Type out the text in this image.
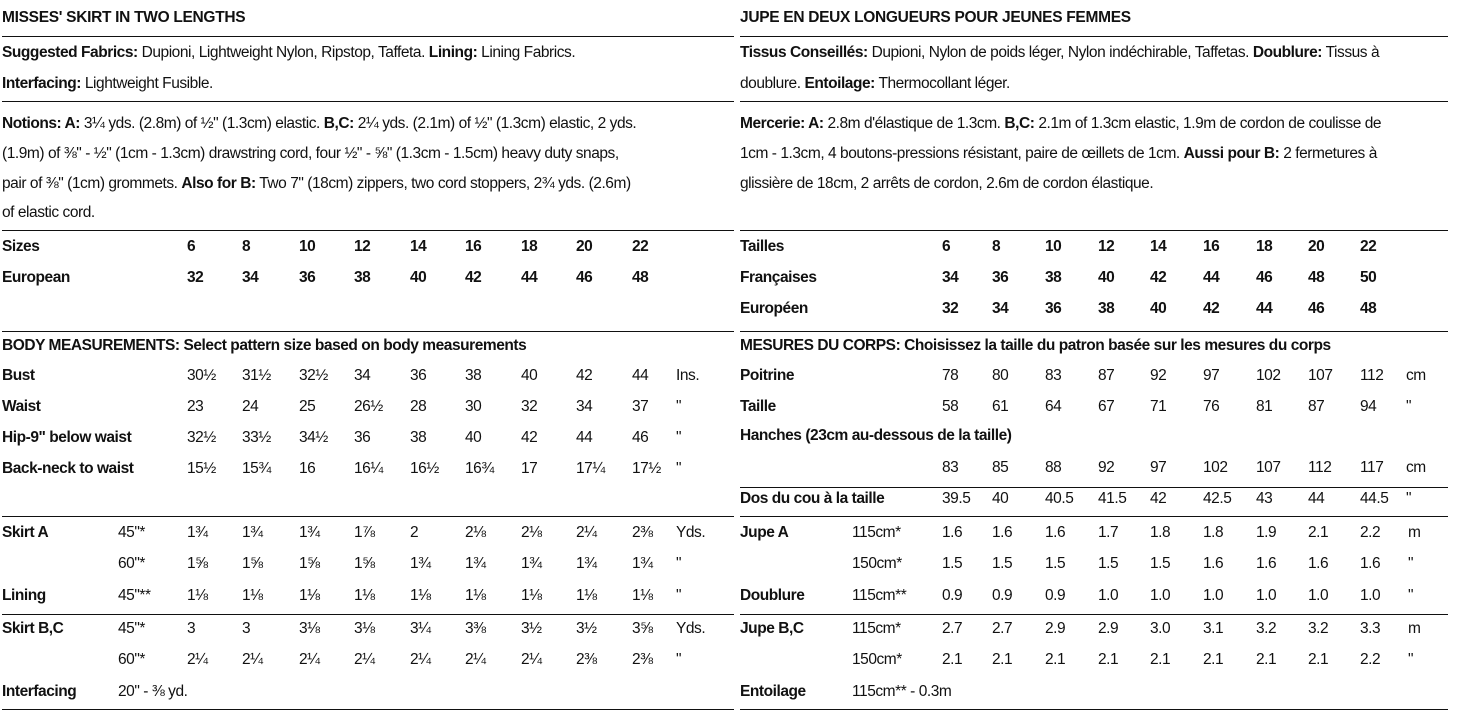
MISSES' SKIRT IN TWO LENGTHS
Suggested Fabrics: Dupioni, Lightweight Nylon, Ripstop, Taffeta. Lining: Lining Fabrics.
Interfacing: Lightweight Fusible.
Notions: A: 3¼ yds. (2.8m) of ½" (1.3cm) elastic. B,C: 2¼ yds. (2.1m) of ½" (1.3cm) elastic, 2 yds.
(1.9m) of ⅜" - ½" (1cm - 1.3cm) drawstring cord, four ½" - ⅝" (1.3cm - 1.5cm) heavy duty snaps,
pair of ⅜" (1cm) grommets. Also for B: Two 7" (18cm) zippers, two cord stoppers, 2¾ yds. (2.6m)
of elastic cord.
Sizes	6	8	10 12	14 16	18 20	22
European	32 34	36 38	40 42	44 46	48
BODY MEASUREMENTS: Select pattern size based on body measurements
Bust	30½ 31½ 32½ 34	36 38	40 42	44 Ins.
Waist	23 24	25 26½ 28 30	32 34	37 "
Hip-9" below waist	32½ 33½ 34½ 36	38 40	42 44	46 "
Back-neck to waist	15½ 15¾ 16 16¼ 16½ 16¾ 17 17¼ 17½ "
Skirt A	45"*	1¾ 1¾ 1¾ 1⅞ 2	2⅛ 2⅛ 2¼ 2⅜ Yds.
60"*	1⅝ 1⅝ 1⅝ 1⅝ 1¾ 1¾ 1¾ 1¾ 1¾ "
Lining	45"** 1⅛ 1⅛ 1⅛ 1⅛ 1⅛ 1⅛ 1⅛ 1⅛ 1⅛ "
Skirt B,C	45"*	3	3	3⅛ 3⅛ 3¼ 3⅜ 3½ 3½ 3⅝ Yds.
60"*	2¼ 2¼ 2¼ 2¼ 2¼ 2¼ 2¼ 2⅜ 2⅜ "
Interfacing	20" - ⅜ yd.
JUPE EN DEUX LONGUEURS POUR JEUNES FEMMES
Tissus Conseillés: Dupioni, Nylon de poids léger, Nylon indéchirable, Taffetas. Doublure: Tissus à
doublure. Entoilage: Thermocollant léger.
Mercerie: A: 2.8m d'élastique de 1.3cm. B,C: 2.1m of 1.3cm elastic, 1.9m de cordon de coulisse de
1cm - 1.3cm, 4 boutons-pressions résistant, paire de œillets de 1cm. Aussi pour B: 2 fermetures à
glissière de 18cm, 2 arrêts de cordon, 2.6m de cordon élastique.
Tailles	6	8	10 12 14 16 18 20 22
Françaises	34 36 38 40 42 44 46 48 50
Européen	32 34 36 38 40 42 44 46 48
MESURES DU CORPS: Choisissez la taille du patron basée sur les mesures du corps
Poitrine	78 80 83 87 92 97 102 107 112 cm
Taille	58 61 64 67 71 76 81 87 94 "
Hanches (23cm au-dessous de la taille)
83 85 88 92 97 102 107 112 117 cm
Dos du cou à la taille	39.5 40 40.5 41.5 42 42.5 43 44 44.5 "
Jupe A	115cm*	1.6 1.6 1.6 1.7 1.8 1.8 1.9 2.1 2.2 m
150cm*	1.5 1.5 1.5 1.5 1.5 1.6 1.6 1.6 1.6 "
Doublure	115cm** 0.9 0.9 0.9 1.0 1.0 1.0 1.0 1.0 1.0 "
Jupe B,C	115cm*	2.7 2.7 2.9 2.9 3.0 3.1 3.2 3.2 3.3 m
150cm*	2.1 2.1 2.1 2.1 2.1 2.1 2.1 2.1 2.2 "
Entoilage	115cm** - 0.3m
